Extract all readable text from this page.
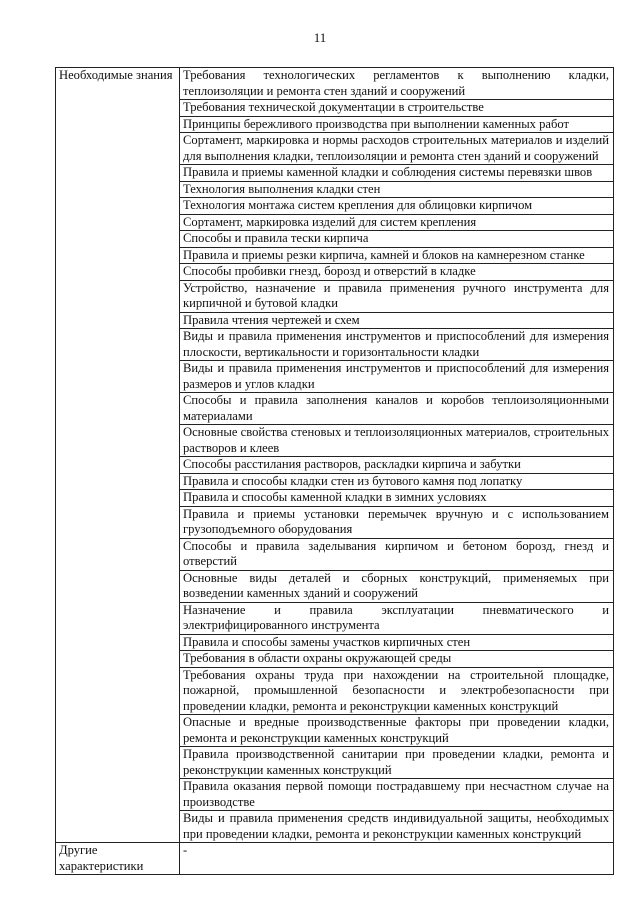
11
Необходимые знания	Требования технологических регламентов к выполнению кладки, теплоизоляции и ремонта стен зданий и сооружений
	Требования технической документации в строительстве
	Принципы бережливого производства при выполнении каменных работ
	Сортамент, маркировка и нормы расходов строительных материалов и изделий для выполнения кладки, теплоизоляции и ремонта стен зданий и сооружений
	Правила и приемы каменной кладки и соблюдения системы перевязки швов
	Технология выполнения кладки стен
	Технология монтажа систем крепления для облицовки кирпичом
	Сортамент, маркировка изделий для систем крепления
	Способы и правила тески кирпича
	Правила и приемы резки кирпича, камней и блоков на камнерезном станке
	Способы пробивки гнезд, борозд и отверстий в кладке
	Устройство, назначение и правила применения ручного инструмента для кирпичной и бутовой кладки
	Правила чтения чертежей и схем
	Виды и правила применения инструментов и приспособлений для измерения плоскости, вертикальности и горизонтальности кладки
	Виды и правила применения инструментов и приспособлений для измерения размеров и углов кладки
	Способы и правила заполнения каналов и коробов теплоизоляционными материалами
	Основные свойства стеновых и теплоизоляционных материалов, строительных растворов и клеев
	Способы расстилания растворов, раскладки кирпича и забутки
	Правила и способы кладки стен из бутового камня под лопатку
	Правила и способы каменной кладки в зимних условиях
	Правила и приемы установки перемычек вручную и с использованием грузоподъемного оборудования
	Способы и правила заделывания кирпичом и бетоном борозд, гнезд и отверстий
	Основные виды деталей и сборных конструкций, применяемых при возведении каменных зданий и сооружений
	Назначение и правила эксплуатации пневматического и электрифицированного инструмента
	Правила и способы замены участков кирпичных стен
	Требования в области охраны окружающей среды
	Требования охраны труда при нахождении на строительной площадке, пожарной, промышленной безопасности и электробезопасности при проведении кладки, ремонта и реконструкции каменных конструкций
	Опасные и вредные производственные факторы при проведении кладки, ремонта и реконструкции каменных конструкций
	Правила производственной санитарии при проведении кладки, ремонта и реконструкции каменных конструкций
	Правила оказания первой помощи пострадавшему при несчастном случае на производстве
	Виды и правила применения средств индивидуальной защиты, необходимых при проведении кладки, ремонта и реконструкции каменных конструкций
Другие характеристики	-
